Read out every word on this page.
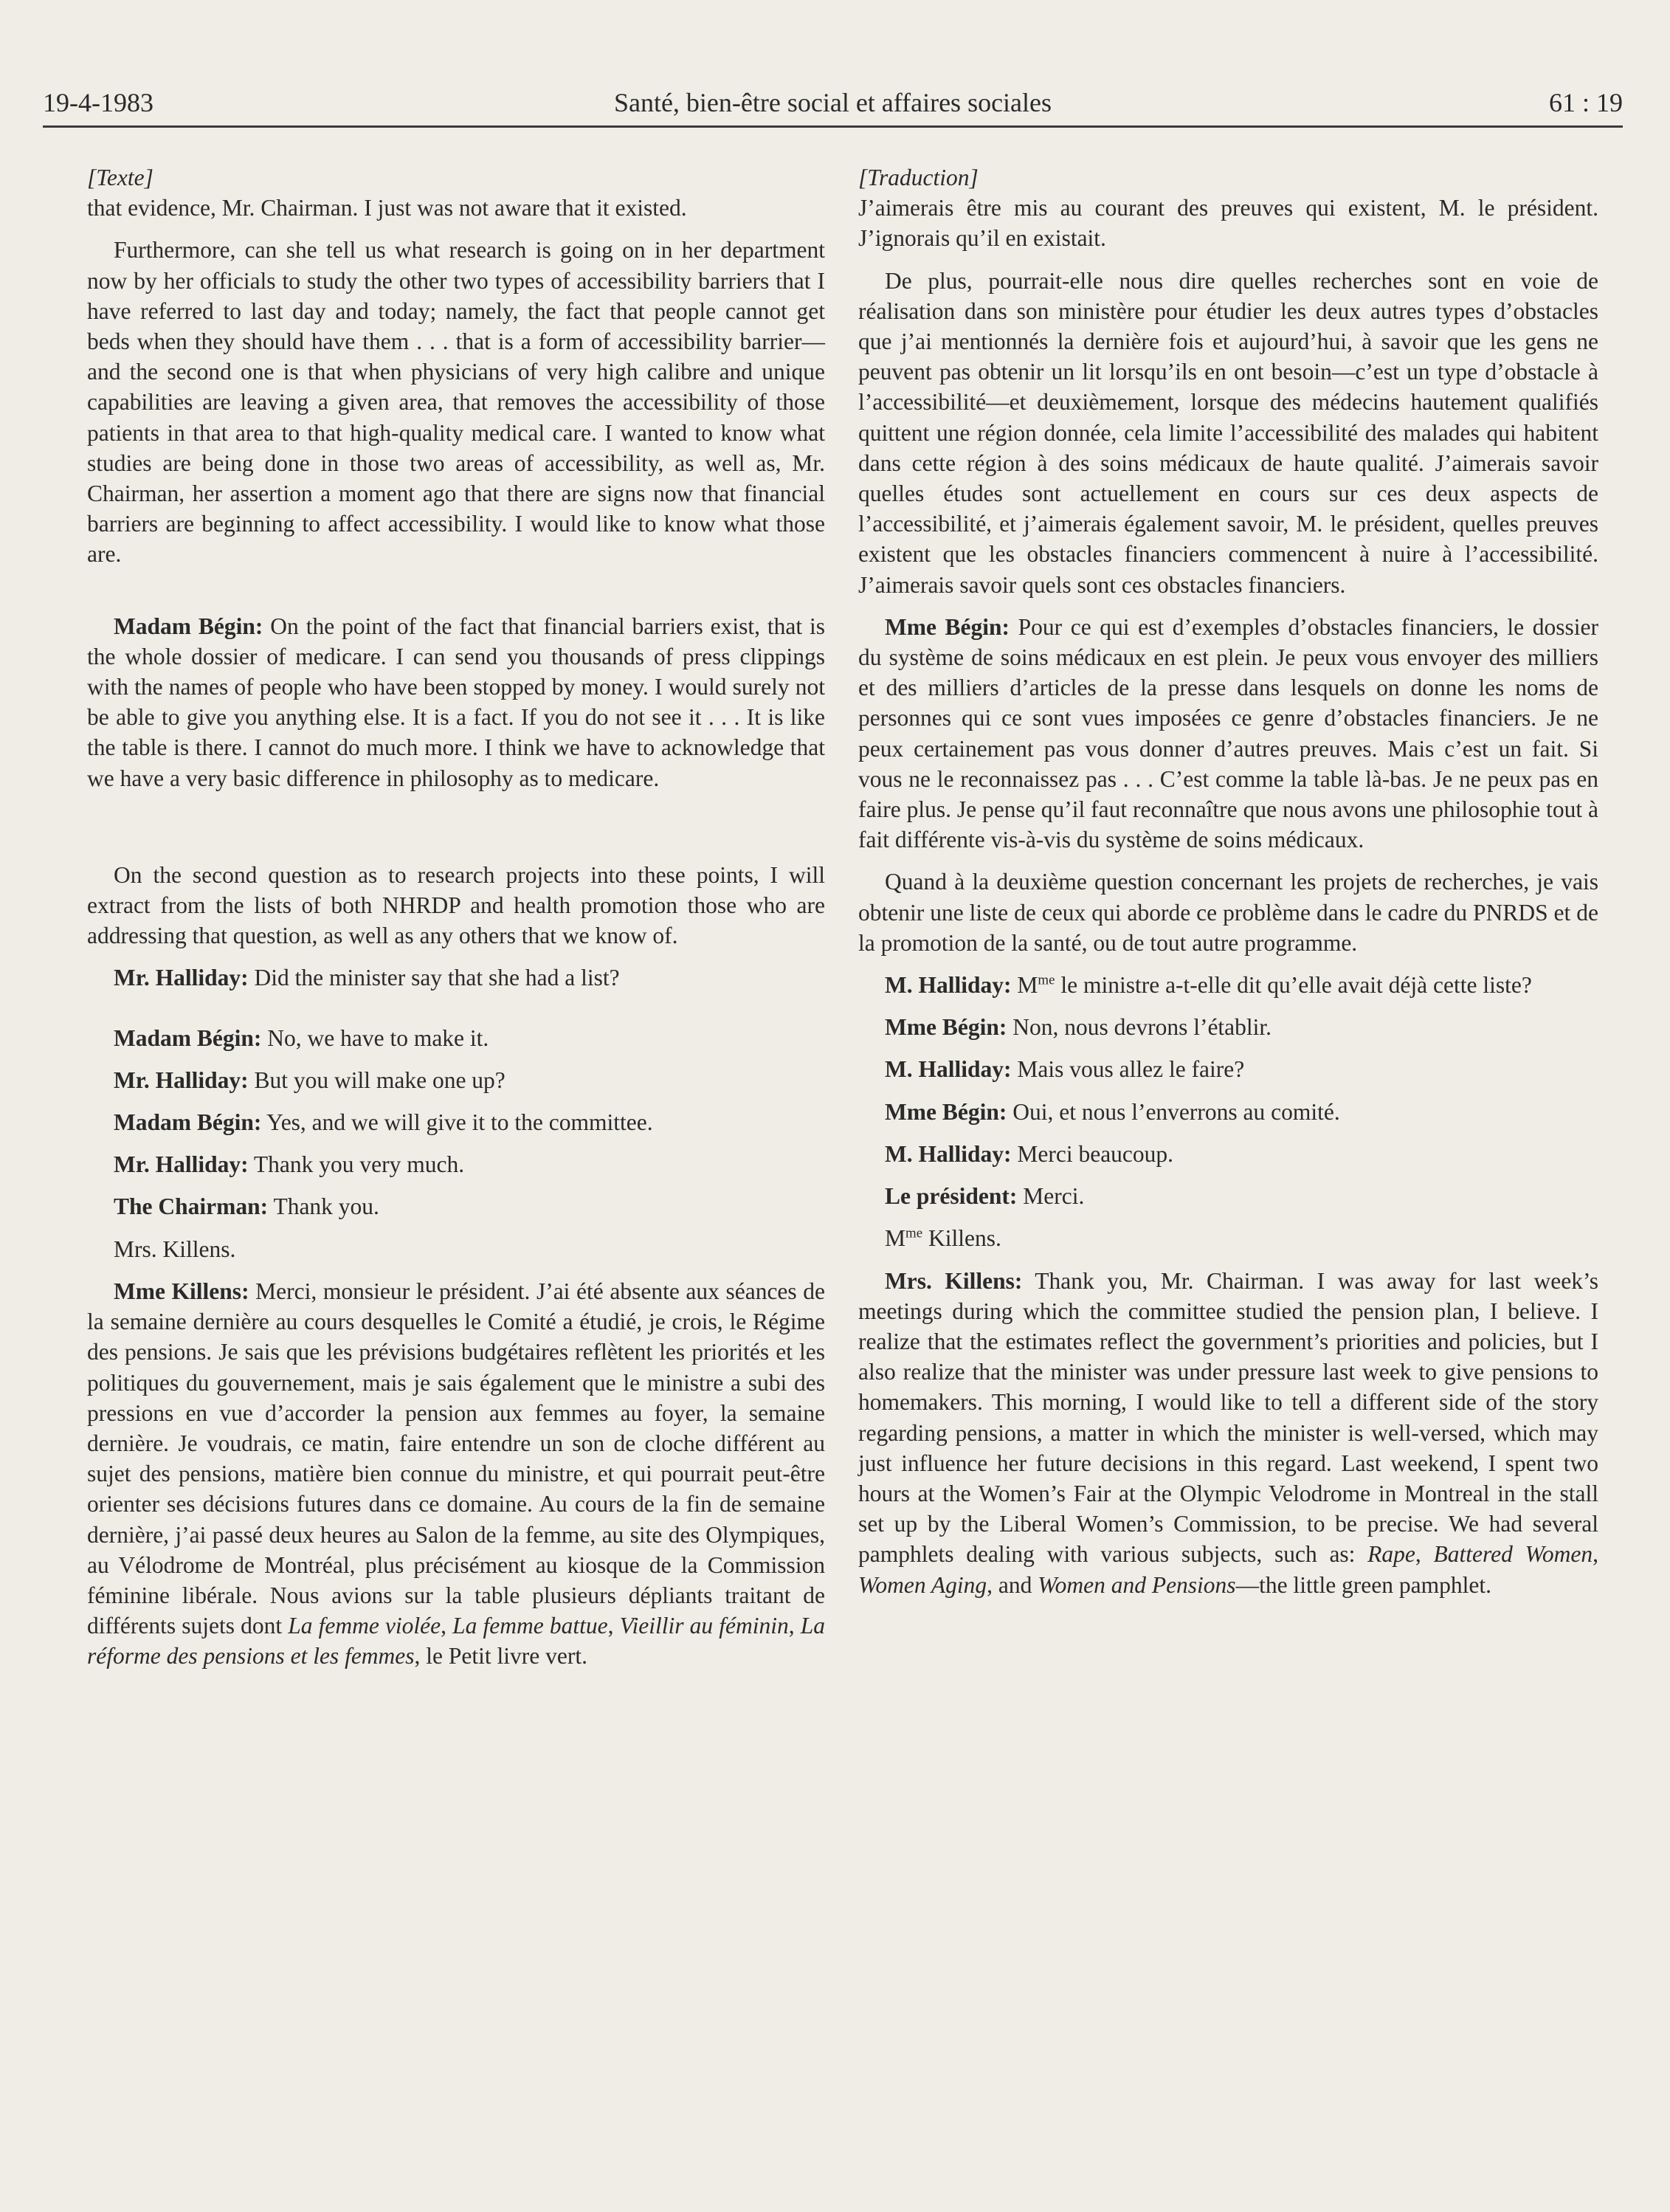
19-4-1983	Santé, bien-être social et affaires sociales	61 : 19

[Texte]

that evidence, Mr. Chairman. I just was not aware that it existed.

Furthermore, can she tell us what research is going on in her department now by her officials to study the other two types of accessibility barriers that I have referred to last day and today; namely, the fact that people cannot get beds when they should have them . . . that is a form of accessibility barrier—and the second one is that when physicians of very high calibre and unique capabilities are leaving a given area, that removes the accessibility of those patients in that area to that high-quality medical care. I wanted to know what studies are being done in those two areas of accessibility, as well as, Mr. Chairman, her assertion a moment ago that there are signs now that financial barriers are beginning to affect accessibility. I would like to know what those are.

Madam Bégin: On the point of the fact that financial barriers exist, that is the whole dossier of medicare. I can send you thousands of press clippings with the names of people who have been stopped by money. I would surely not be able to give you anything else. It is a fact. If you do not see it . . . It is like the table is there. I cannot do much more. I think we have to acknowledge that we have a very basic difference in philosophy as to medicare.

On the second question as to research projects into these points, I will extract from the lists of both NHRDP and health promotion those who are addressing that question, as well as any others that we know of.

Mr. Halliday: Did the minister say that she had a list?

Madam Bégin: No, we have to make it.

Mr. Halliday: But you will make one up?

Madam Bégin: Yes, and we will give it to the committee.

Mr. Halliday: Thank you very much.

The Chairman: Thank you.

Mrs. Killens.

Mme Killens: Merci, monsieur le président. J’ai été absente aux séances de la semaine dernière au cours desquelles le Comité a étudié, je crois, le Régime des pensions. Je sais que les prévisions budgétaires reflètent les priorités et les politiques du gouvernement, mais je sais également que le ministre a subi des pressions en vue d’accorder la pension aux femmes au foyer, la semaine dernière. Je voudrais, ce matin, faire entendre un son de cloche différent au sujet des pensions, matière bien connue du ministre, et qui pourrait peut-être orienter ses décisions futures dans ce domaine. Au cours de la fin de semaine dernière, j’ai passé deux heures au Salon de la femme, au site des Olympiques, au Vélodrome de Montréal, plus précisément au kiosque de la Commission féminine libérale. Nous avions sur la table plusieurs dépliants traitant de différents sujets dont La femme violée, La femme battue, Vieillir au féminin, La réforme des pensions et les femmes, le Petit livre vert.

[Traduction]

J’aimerais être mis au courant des preuves qui existent, M. le président. J’ignorais qu’il en existait.

De plus, pourrait-elle nous dire quelles recherches sont en voie de réalisation dans son ministère pour étudier les deux autres types d’obstacles que j’ai mentionnés la dernière fois et aujourd’hui, à savoir que les gens ne peuvent pas obtenir un lit lorsqu’ils en ont besoin—c’est un type d’obstacle à l’accessibilité—et deuxièmement, lorsque des médecins hautement qualifiés quittent une région donnée, cela limite l’accessibilité des malades qui habitent dans cette région à des soins médicaux de haute qualité. J’aimerais savoir quelles études sont actuellement en cours sur ces deux aspects de l’accessibilité, et j’aimerais également savoir, M. le président, quelles preuves existent que les obstacles financiers commencent à nuire à l’accessibilité. J’aimerais savoir quels sont ces obstacles financiers.

Mme Bégin: Pour ce qui est d’exemples d’obstacles financiers, le dossier du système de soins médicaux en est plein. Je peux vous envoyer des milliers et des milliers d’articles de la presse dans lesquels on donne les noms de personnes qui ce sont vues imposées ce genre d’obstacles financiers. Je ne peux certainement pas vous donner d’autres preuves. Mais c’est un fait. Si vous ne le reconnaissez pas . . . C’est comme la table là-bas. Je ne peux pas en faire plus. Je pense qu’il faut reconnaître que nous avons une philosophie tout à fait différente vis-à-vis du système de soins médicaux.

Quand à la deuxième question concernant les projets de recherches, je vais obtenir une liste de ceux qui aborde ce problème dans le cadre du PNRDS et de la promotion de la santé, ou de tout autre programme.

M. Halliday: $M^{me}$ le ministre a-t-elle dit qu’elle avait déjà cette liste?

Mme Bégin: Non, nous devrons l’établir.

M. Halliday: Mais vous allez le faire?

Mme Bégin: Oui, et nous l’enverrons au comité.

M. Halliday: Merci beaucoup.

Le président: Merci.

$M^{me}$ Killens.

Mrs. Killens: Thank you, Mr. Chairman. I was away for last week’s meetings during which the committee studied the pension plan, I believe. I realize that the estimates reflect the government’s priorities and policies, but I also realize that the minister was under pressure last week to give pensions to homemakers. This morning, I would like to tell a different side of the story regarding pensions, a matter in which the minister is well-versed, which may just influence her future decisions in this regard. Last weekend, I spent two hours at the Women’s Fair at the Olympic Velodrome in Montreal in the stall set up by the Liberal Women’s Commission, to be precise. We had several pamphlets dealing with various subjects, such as: Rape, Battered Women, Women Aging, and Women and Pensions—the little green pamphlet.
